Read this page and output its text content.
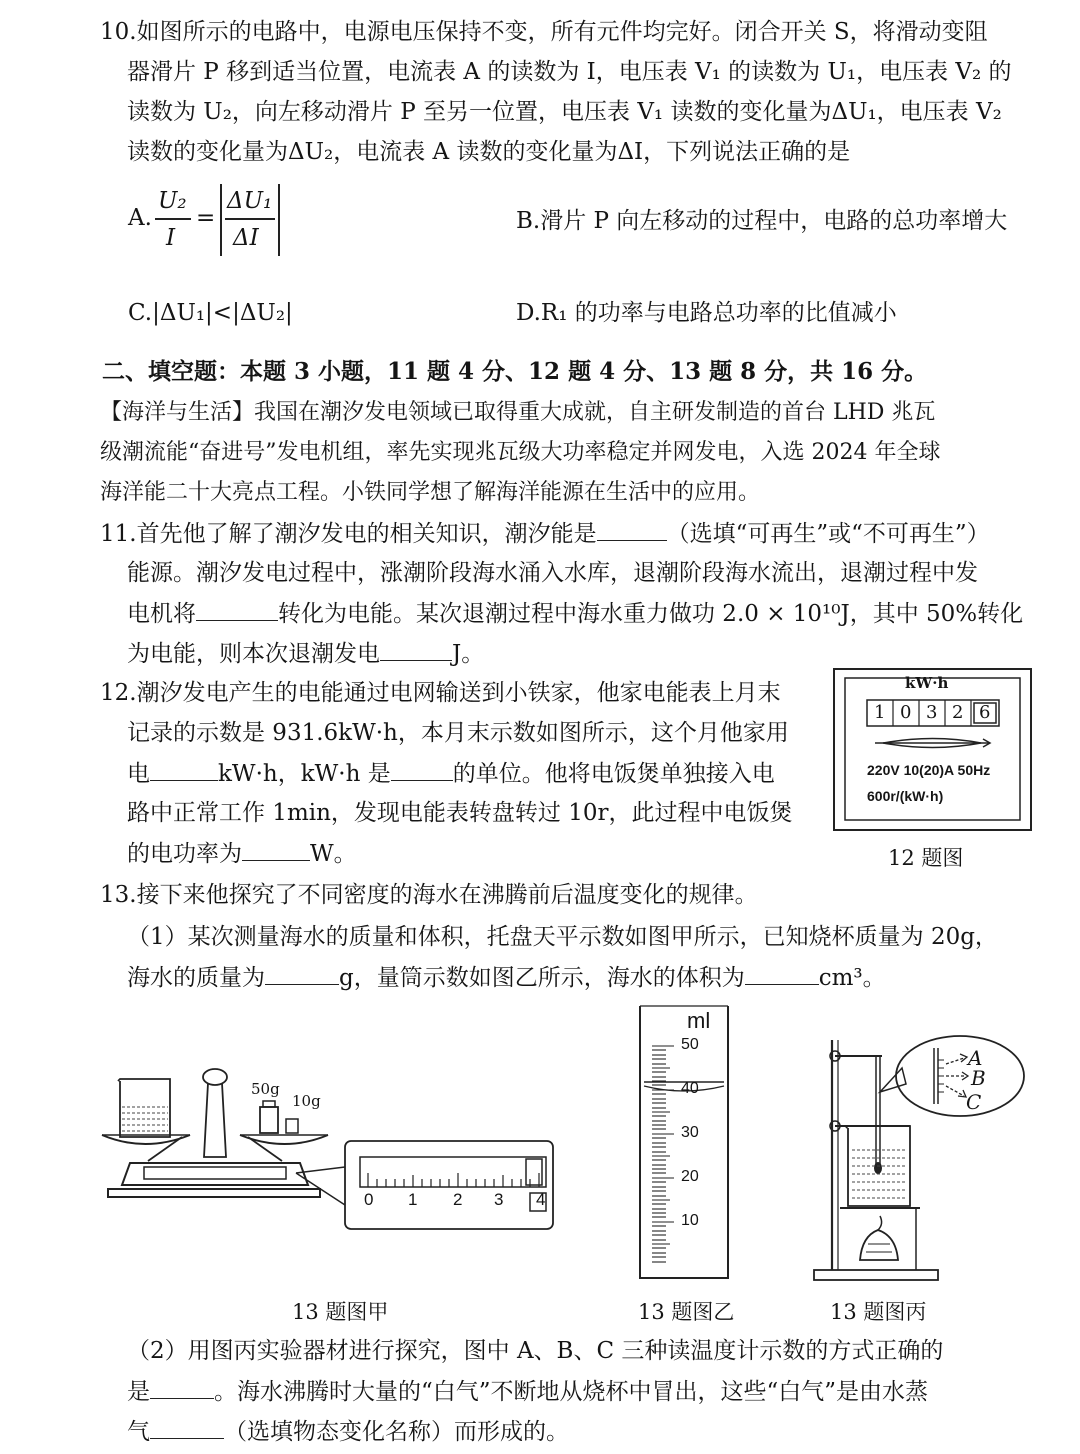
10.如图所示的电路中，电源电压保持不变，所有元件均完好。闭合开关 S，将滑动变阻
器滑片 P 移到适当位置，电流表 A 的读数为 I，电压表 V₁ 的读数为 U₁，电压表 V₂ 的
读数为 U₂，向左移动滑片 P 至另一位置，电压表 V₁ 读数的变化量为ΔU₁，电压表 V₂
读数的变化量为ΔU₂，电流表 A 读数的变化量为ΔI，下列说法正确的是
A.
U₂
I
=
ΔU₁
ΔI
B.滑片 P 向左移动的过程中，电路的总功率增大
C.|ΔU₁|<|ΔU₂|	D.R₁ 的功率与电路总功率的比值减小
二、填空题：本题 3 小题，11 题 4 分、12 题 4 分、13 题 8 分，共 16 分。
【海洋与生活】我国在潮汐发电领域已取得重大成就，自主研发制造的首台 LHD 兆瓦
级潮流能“奋进号”发电机组，率先实现兆瓦级大功率稳定并网发电，入选 2024 年全球
海洋能二十大亮点工程。小铁同学想了解海洋能源在生活中的应用。
11.首先他了解了潮汐发电的相关知识，潮汐能是	（选填“可再生”或“不可再生”）
能源。潮汐发电过程中，涨潮阶段海水涌入水库，退潮阶段海水流出，退潮过程中发
电机将	转化为电能。某次退潮过程中海水重力做功 2.0 × 10¹⁰J，其中 50%转化
为电能，则本次退潮发电	J。
12.潮汐发电产生的电能通过电网输送到小铁家，他家电能表上月末
记录的示数是 931.6kW·h，本月末示数如图所示，这个月他家用
电	kW·h，kW·h 是	的单位。他将电饭煲单独接入电
路中正常工作 1min，发现电能表转盘转过 10r，此过程中电饭煲
的电功率为	W。
kW·h
1 0 3 2 6
220V 10(20)A 50Hz
600r/(kW·h)
12 题图
13.接下来他探究了不同密度的海水在沸腾前后温度变化的规律。
（1）某次测量海水的质量和体积，托盘天平示数如图甲所示，已知烧杯质量为 20g，
海水的质量为	g，量筒示数如图乙所示，海水的体积为	cm³。
50g
10g
0 1 2 3 4
ml
50
40
30
20
10
A
B
C
13 题图甲	13 题图乙	13 题图丙
（2）用图丙实验器材进行探究，图中 A、B、C 三种读温度计示数的方式正确的
是	。海水沸腾时大量的“白气”不断地从烧杯中冒出，这些“白气”是由水蒸
气	（选填物态变化名称）而形成的。
